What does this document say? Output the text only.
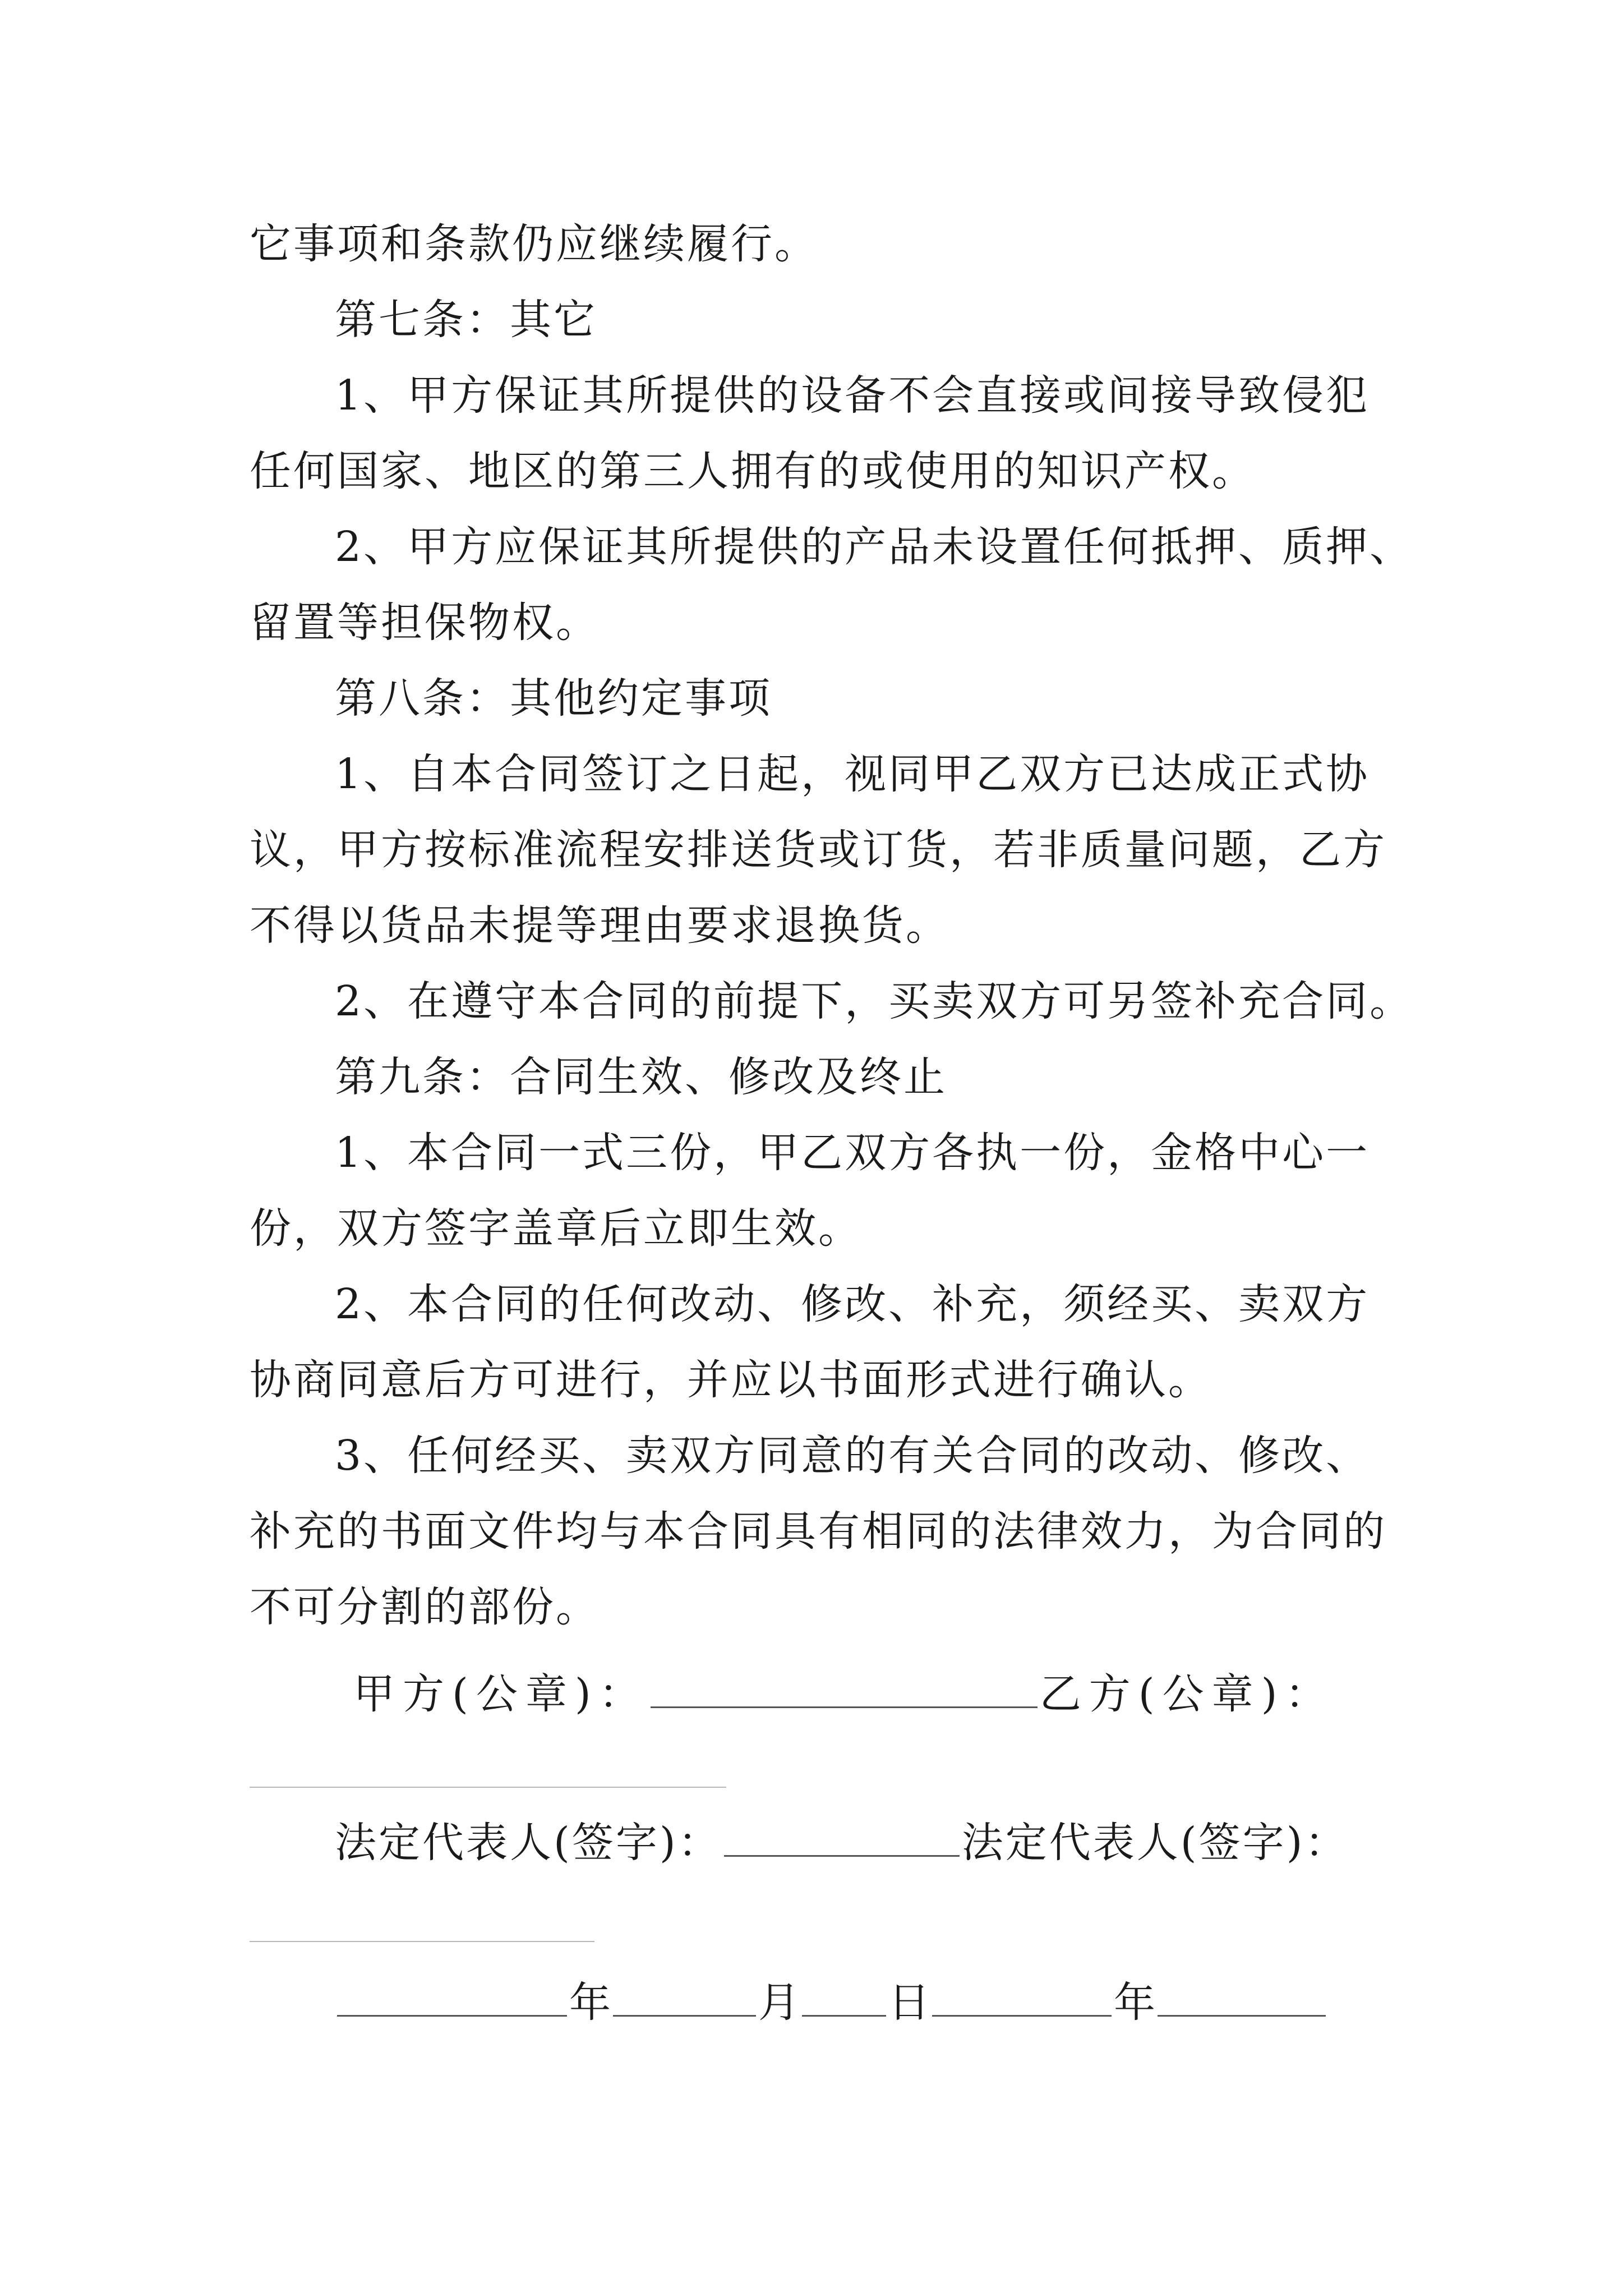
它事项和条款仍应继续履行。
第七条：其它
1、甲方保证其所提供的设备不会直接或间接导致侵犯
任何国家、地区的第三人拥有的或使用的知识产权。
2、甲方应保证其所提供的产品未设置任何抵押、质押、
留置等担保物权。
第八条：其他约定事项
1、自本合同签订之日起，视同甲乙双方已达成正式协
议，甲方按标准流程安排送货或订货，若非质量问题，乙方
不得以货品未提等理由要求退换货。
2、在遵守本合同的前提下，买卖双方可另签补充合同。
第九条：合同生效、修改及终止
1、本合同一式三份，甲乙双方各执一份，金格中心一
份，双方签字盖章后立即生效。
2、本合同的任何改动、修改、补充，须经买、卖双方
协商同意后方可进行，并应以书面形式进行确认。
3、任何经买、卖双方同意的有关合同的改动、修改、
补充的书面文件均与本合同具有相同的法律效力，为合同的
不可分割的部份。
甲方(公章)：	乙方(公章)：
法定代表人(签字)：	法定代表人(签字)：
年	月 日	年
